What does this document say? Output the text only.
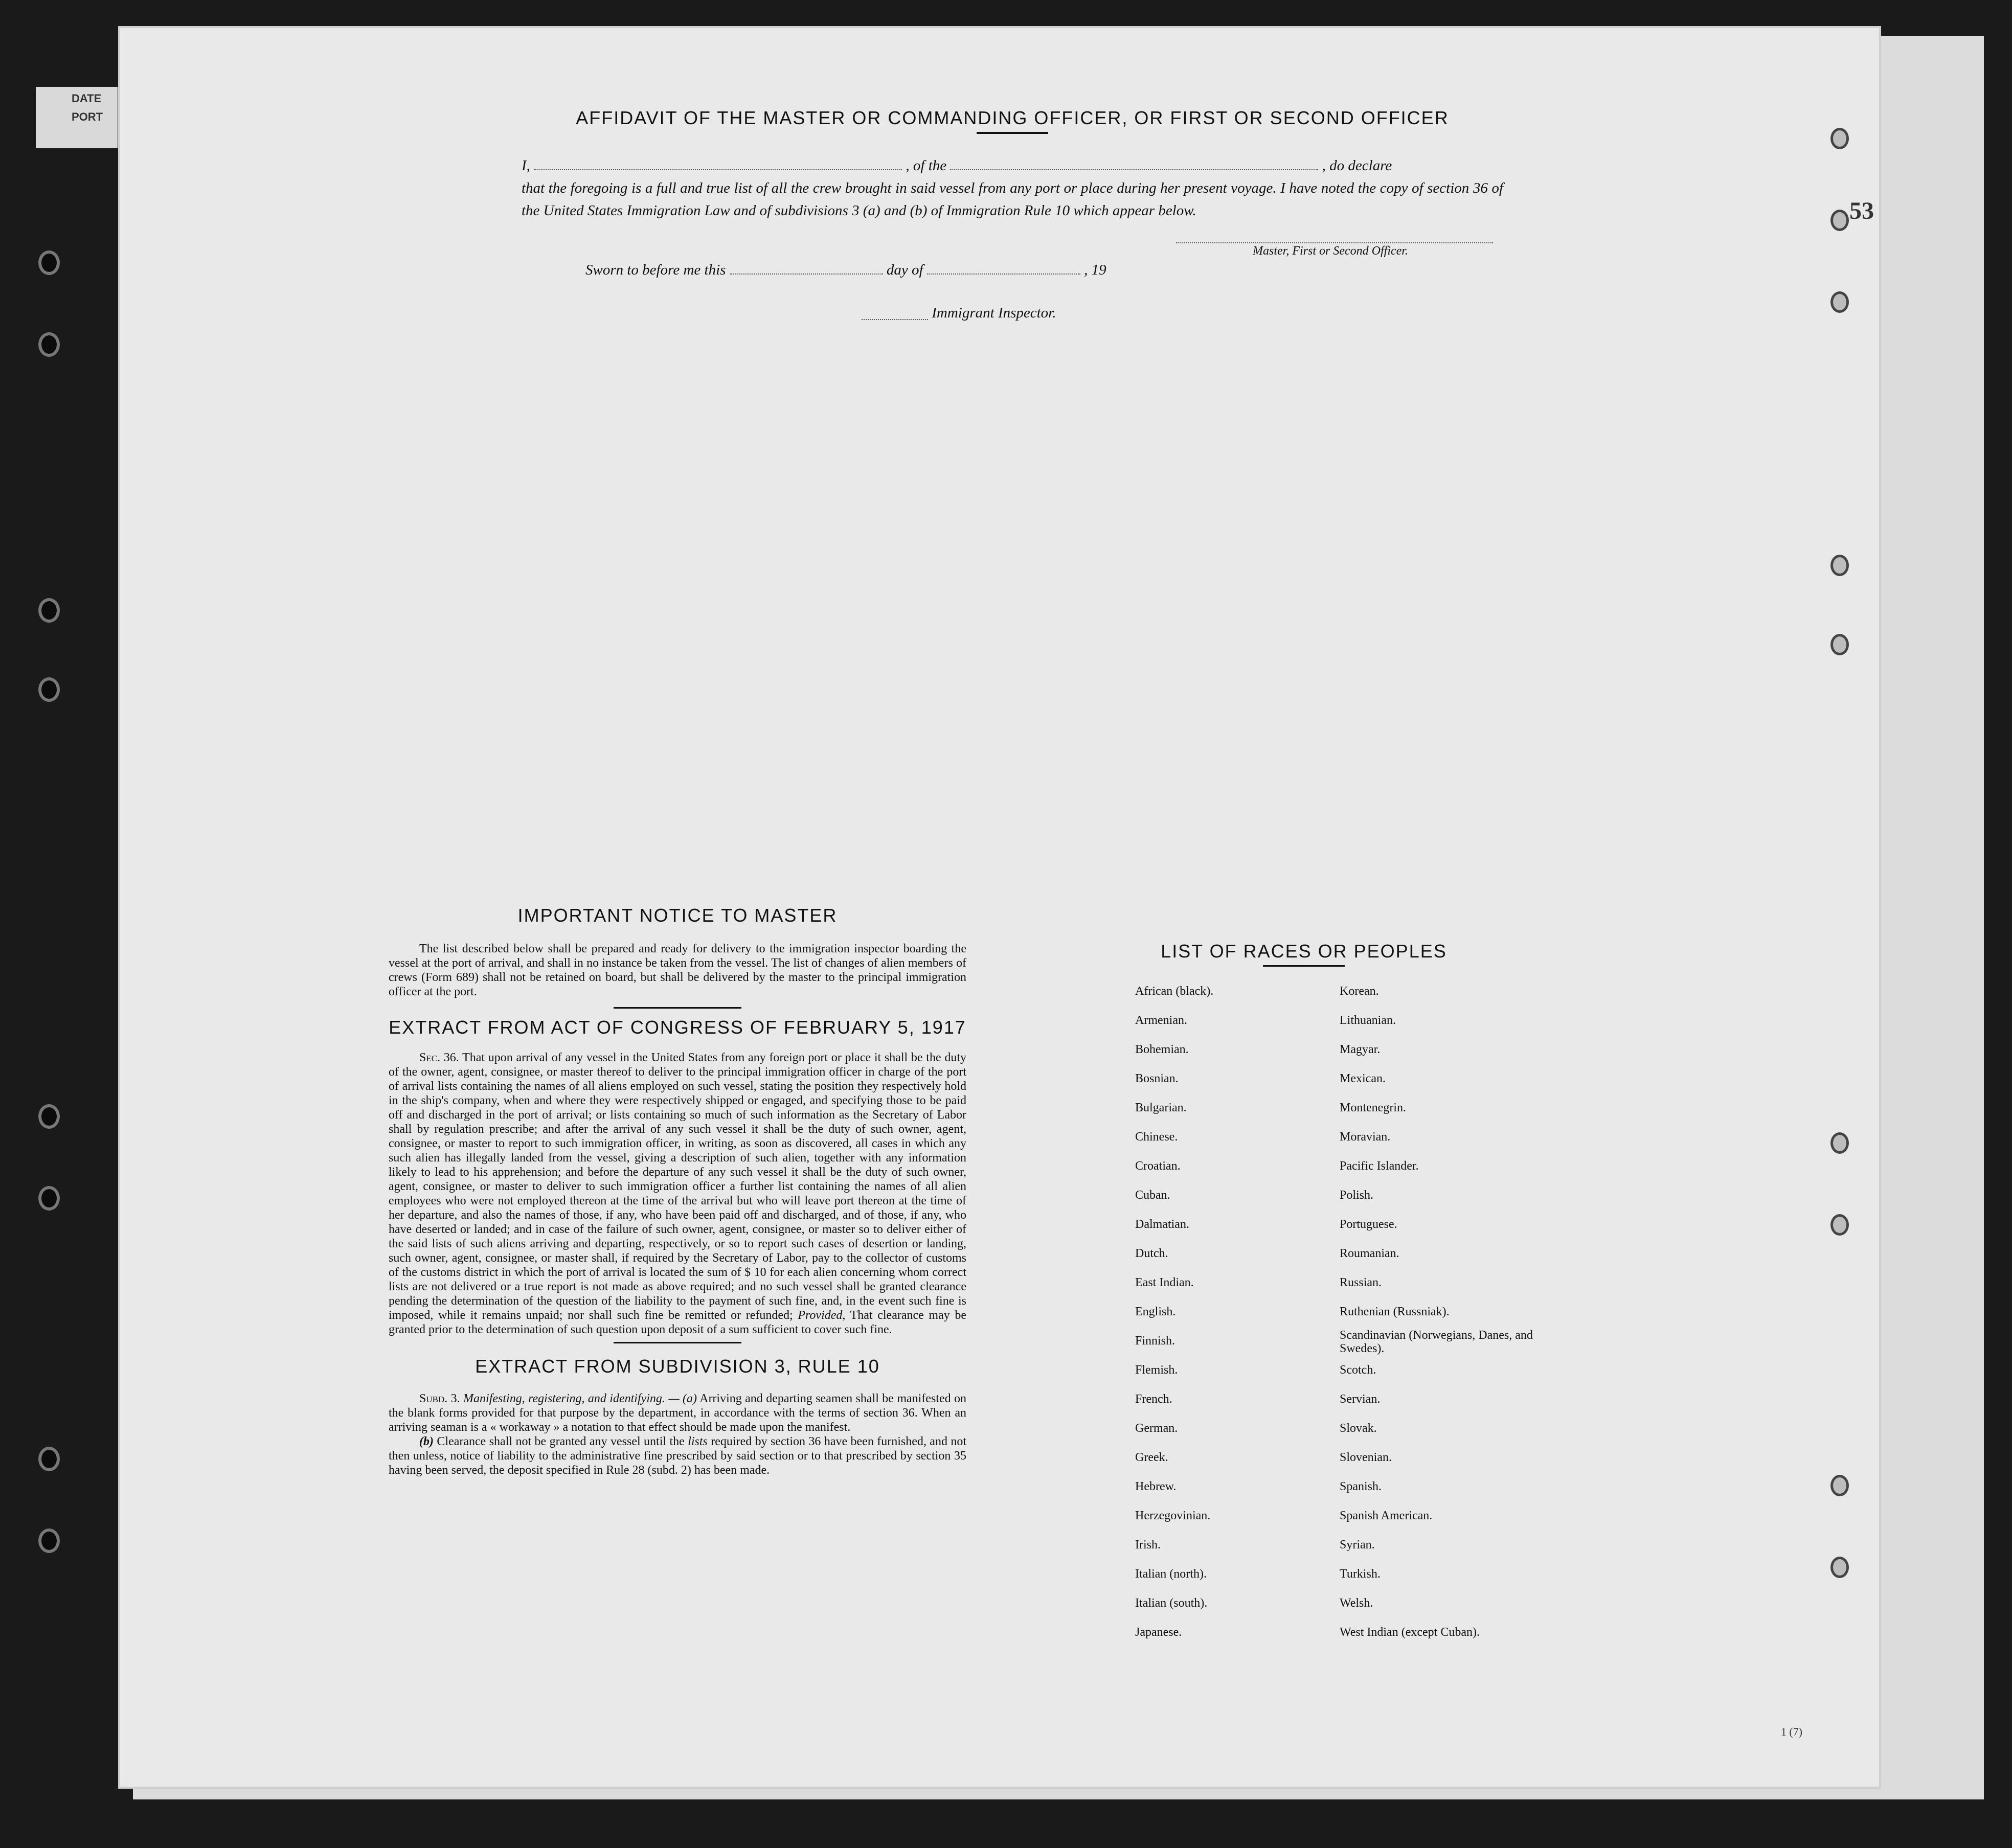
DATE
PORT
53
1 (7)
AFFIDAVIT OF THE MASTER OR COMMANDING OFFICER, OR FIRST OR SECOND OFFICER
I,	, of the	, do declare
that the foregoing is a full and true list of all the crew brought in said vessel from any port or place during her present voyage. I have noted the copy of section 36 of the United States Immigration Law and of subdivisions 3 (a) and (b) of Immigration Rule 10 which appear below.
Master, First or Second Officer.
Sworn to before me this	day of	, 19
Immigrant Inspector.
IMPORTANT NOTICE TO MASTER
The list described below shall be prepared and ready for delivery to the immigration inspector boarding the vessel at the port of arrival, and shall in no instance be taken from the vessel. The list of changes of alien members of crews (Form 689) shall not be retained on board, but shall be delivered by the master to the principal immigration officer at the port.
EXTRACT FROM ACT OF CONGRESS OF FEBRUARY 5, 1917
Sec. 36. That upon arrival of any vessel in the United States from any foreign port or place it shall be the duty of the owner, agent, consignee, or master thereof to deliver to the principal immigration officer in charge of the port of arrival lists containing the names of all aliens employed on such vessel, stating the position they respectively hold in the ship's company, when and where they were respectively shipped or engaged, and specifying those to be paid off and discharged in the port of arrival; or lists containing so much of such information as the Secretary of Labor shall by regulation prescribe; and after the arrival of any such vessel it shall be the duty of such owner, agent, consignee, or master to report to such immigration officer, in writing, as soon as discovered, all cases in which any such alien has illegally landed from the vessel, giving a description of such alien, together with any information likely to lead to his apprehension; and before the departure of any such vessel it shall be the duty of such owner, agent, consignee, or master to deliver to such immigration officer a further list containing the names of all alien employees who were not employed thereon at the time of the arrival but who will leave port thereon at the time of her departure, and also the names of those, if any, who have been paid off and discharged, and of those, if any, who have deserted or landed; and in case of the failure of such owner, agent, consignee, or master so to deliver either of the said lists of such aliens arriving and departing, respectively, or so to report such cases of desertion or landing, such owner, agent, consignee, or master shall, if required by the Secretary of Labor, pay to the collector of customs of the customs district in which the port of arrival is located the sum of $ 10 for each alien concerning whom correct lists are not delivered or a true report is not made as above required; and no such vessel shall be granted clearance pending the determination of the question of the liability to the payment of such fine, and, in the event such fine is imposed, while it remains unpaid; nor shall such fine be remitted or refunded; Provided, That clearance may be granted prior to the determination of such question upon deposit of a sum sufficient to cover such fine.
EXTRACT FROM SUBDIVISION 3, RULE 10
Subd. 3. Manifesting, registering, and identifying. — (a) Arriving and departing seamen shall be manifested on the blank forms provided for that purpose by the department, in accordance with the terms of section 36. When an arriving seaman is a « workaway » a notation to that effect should be made upon the manifest.
(b) Clearance shall not be granted any vessel until the lists required by section 36 have been furnished, and not then unless, notice of liability to the administrative fine prescribed by said section or to that prescribed by section 35 having been served, the deposit specified in Rule 28 (subd. 2) has been made.
LIST OF RACES OR PEOPLES
African (black).	Korean.
Armenian.	Lithuanian.
Bohemian.	Magyar.
Bosnian.	Mexican.
Bulgarian.	Montenegrin.
Chinese.	Moravian.
Croatian.	Pacific Islander.
Cuban.	Polish.
Dalmatian.	Portuguese.
Dutch.	Roumanian.
East Indian.	Russian.
English.	Ruthenian (Russniak).
Finnish.	Scandinavian (Norwegians, Danes, and Swedes).
Flemish.	Scotch.
French.	Servian.
German.	Slovak.
Greek.	Slovenian.
Hebrew.	Spanish.
Herzegovinian.	Spanish American.
Irish.	Syrian.
Italian (north).	Turkish.
Italian (south).	Welsh.
Japanese.	West Indian (except Cuban).
